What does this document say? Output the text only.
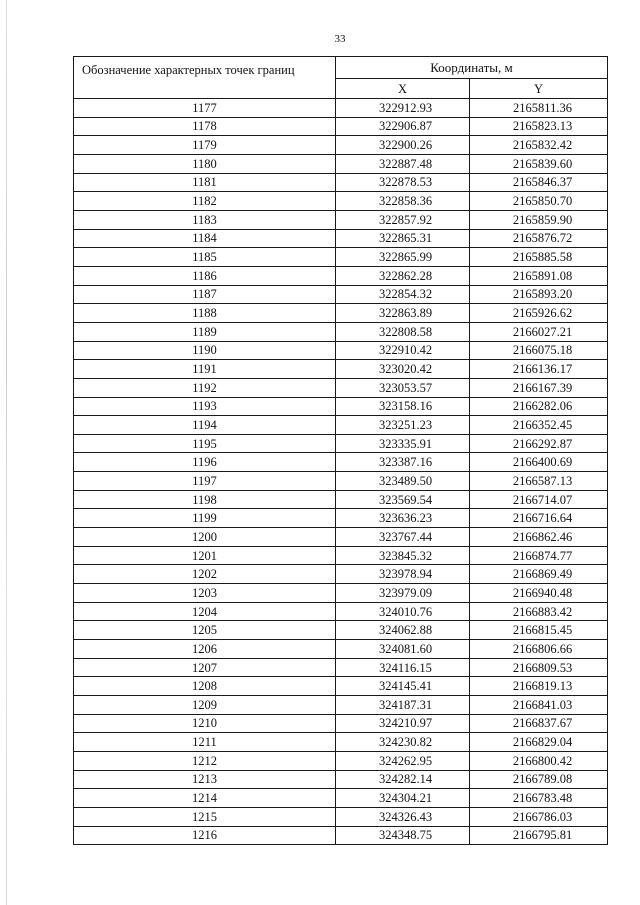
33
Обозначение характерных точек границ	Координаты, м	
	X	Y
1177	322912.93	2165811.36
1178	322906.87	2165823.13
1179	322900.26	2165832.42
1180	322887.48	2165839.60
1181	322878.53	2165846.37
1182	322858.36	2165850.70
1183	322857.92	2165859.90
1184	322865.31	2165876.72
1185	322865.99	2165885.58
1186	322862.28	2165891.08
1187	322854.32	2165893.20
1188	322863.89	2165926.62
1189	322808.58	2166027.21
1190	322910.42	2166075.18
1191	323020.42	2166136.17
1192	323053.57	2166167.39
1193	323158.16	2166282.06
1194	323251.23	2166352.45
1195	323335.91	2166292.87
1196	323387.16	2166400.69
1197	323489.50	2166587.13
1198	323569.54	2166714.07
1199	323636.23	2166716.64
1200	323767.44	2166862.46
1201	323845.32	2166874.77
1202	323978.94	2166869.49
1203	323979.09	2166940.48
1204	324010.76	2166883.42
1205	324062.88	2166815.45
1206	324081.60	2166806.66
1207	324116.15	2166809.53
1208	324145.41	2166819.13
1209	324187.31	2166841.03
1210	324210.97	2166837.67
1211	324230.82	2166829.04
1212	324262.95	2166800.42
1213	324282.14	2166789.08
1214	324304.21	2166783.48
1215	324326.43	2166786.03
1216	324348.75	2166795.81
